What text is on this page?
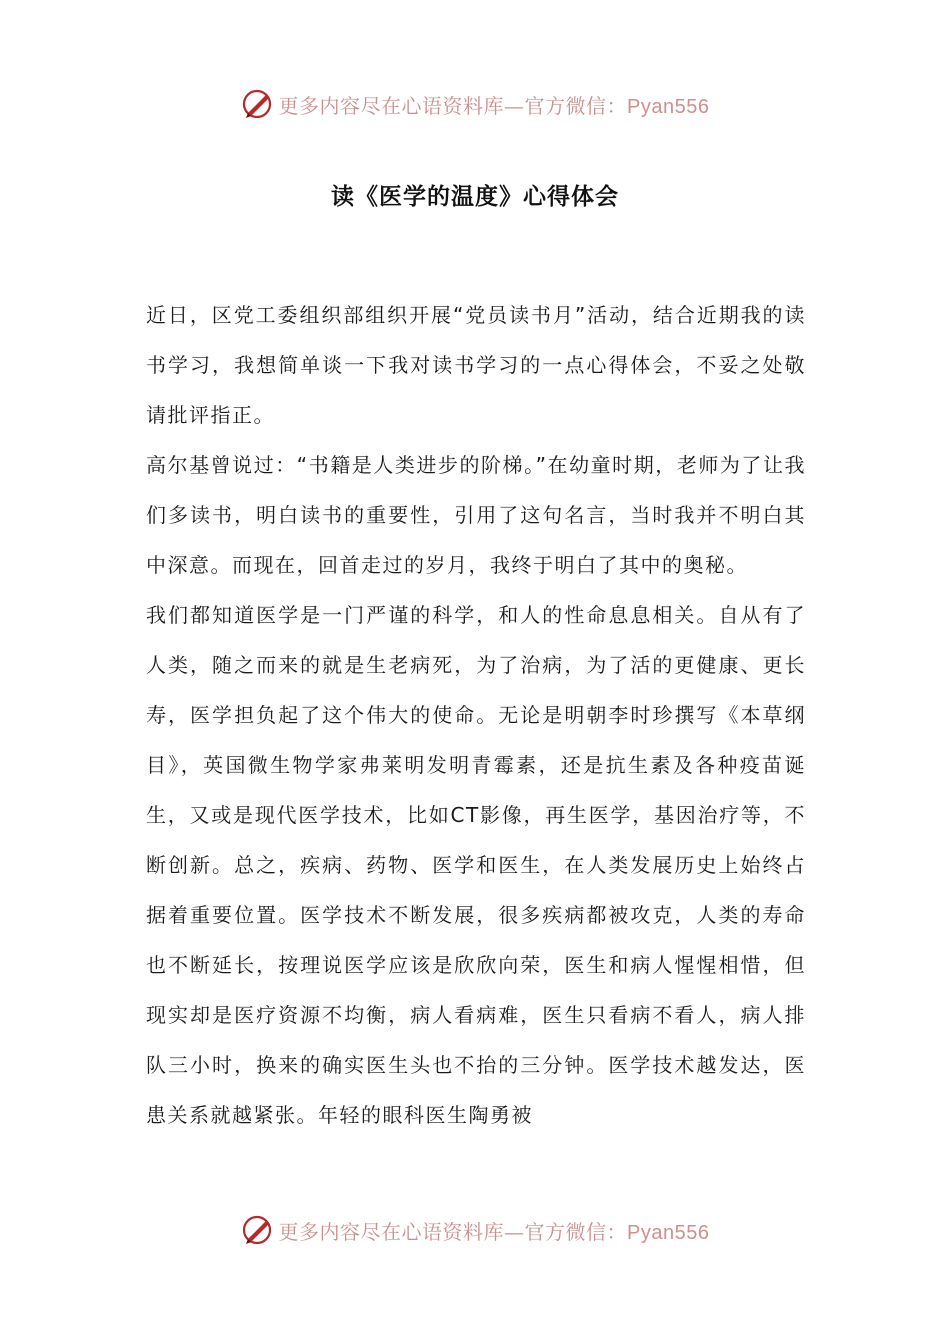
更多内容尽在心语资料库—官方微信：Pyan556
读《医学的温度》心得体会

近日，区党工委组织部组织开展“党员读书月”活动，结合近期我的读书学习，我想简单谈一下我对读书学习的一点心得体会，不妥之处敬请批评指正。

高尔基曾说过：“书籍是人类进步的阶梯。”在幼童时期，老师为了让我们多读书，明白读书的重要性，引用了这句名言，当时我并不明白其中深意。而现在，回首走过的岁月，我终于明白了其中的奥秘。

我们都知道医学是一门严谨的科学，和人的性命息息相关。自从有了人类，随之而来的就是生老病死，为了治病，为了活的更健康、更长寿，医学担负起了这个伟大的使命。无论是明朝李时珍撰写《本草纲目》，英国微生物学家弗莱明发明青霉素，还是抗生素及各种疫苗诞生，又或是现代医学技术，比如CT影像，再生医学，基因治疗等，不断创新。总之，疾病、药物、医学和医生，在人类发展历史上始终占据着重要位置。医学技术不断发展，很多疾病都被攻克，人类的寿命也不断延长，按理说医学应该是欣欣向荣，医生和病人惺惺相惜，但现实却是医疗资源不均衡，病人看病难，医生只看病不看人，病人排队三小时，换来的确实医生头也不抬的三分钟。医学技术越发达，医患关系就越紧张。年轻的眼科医生陶勇被

更多内容尽在心语资料库—官方微信：Pyan556
